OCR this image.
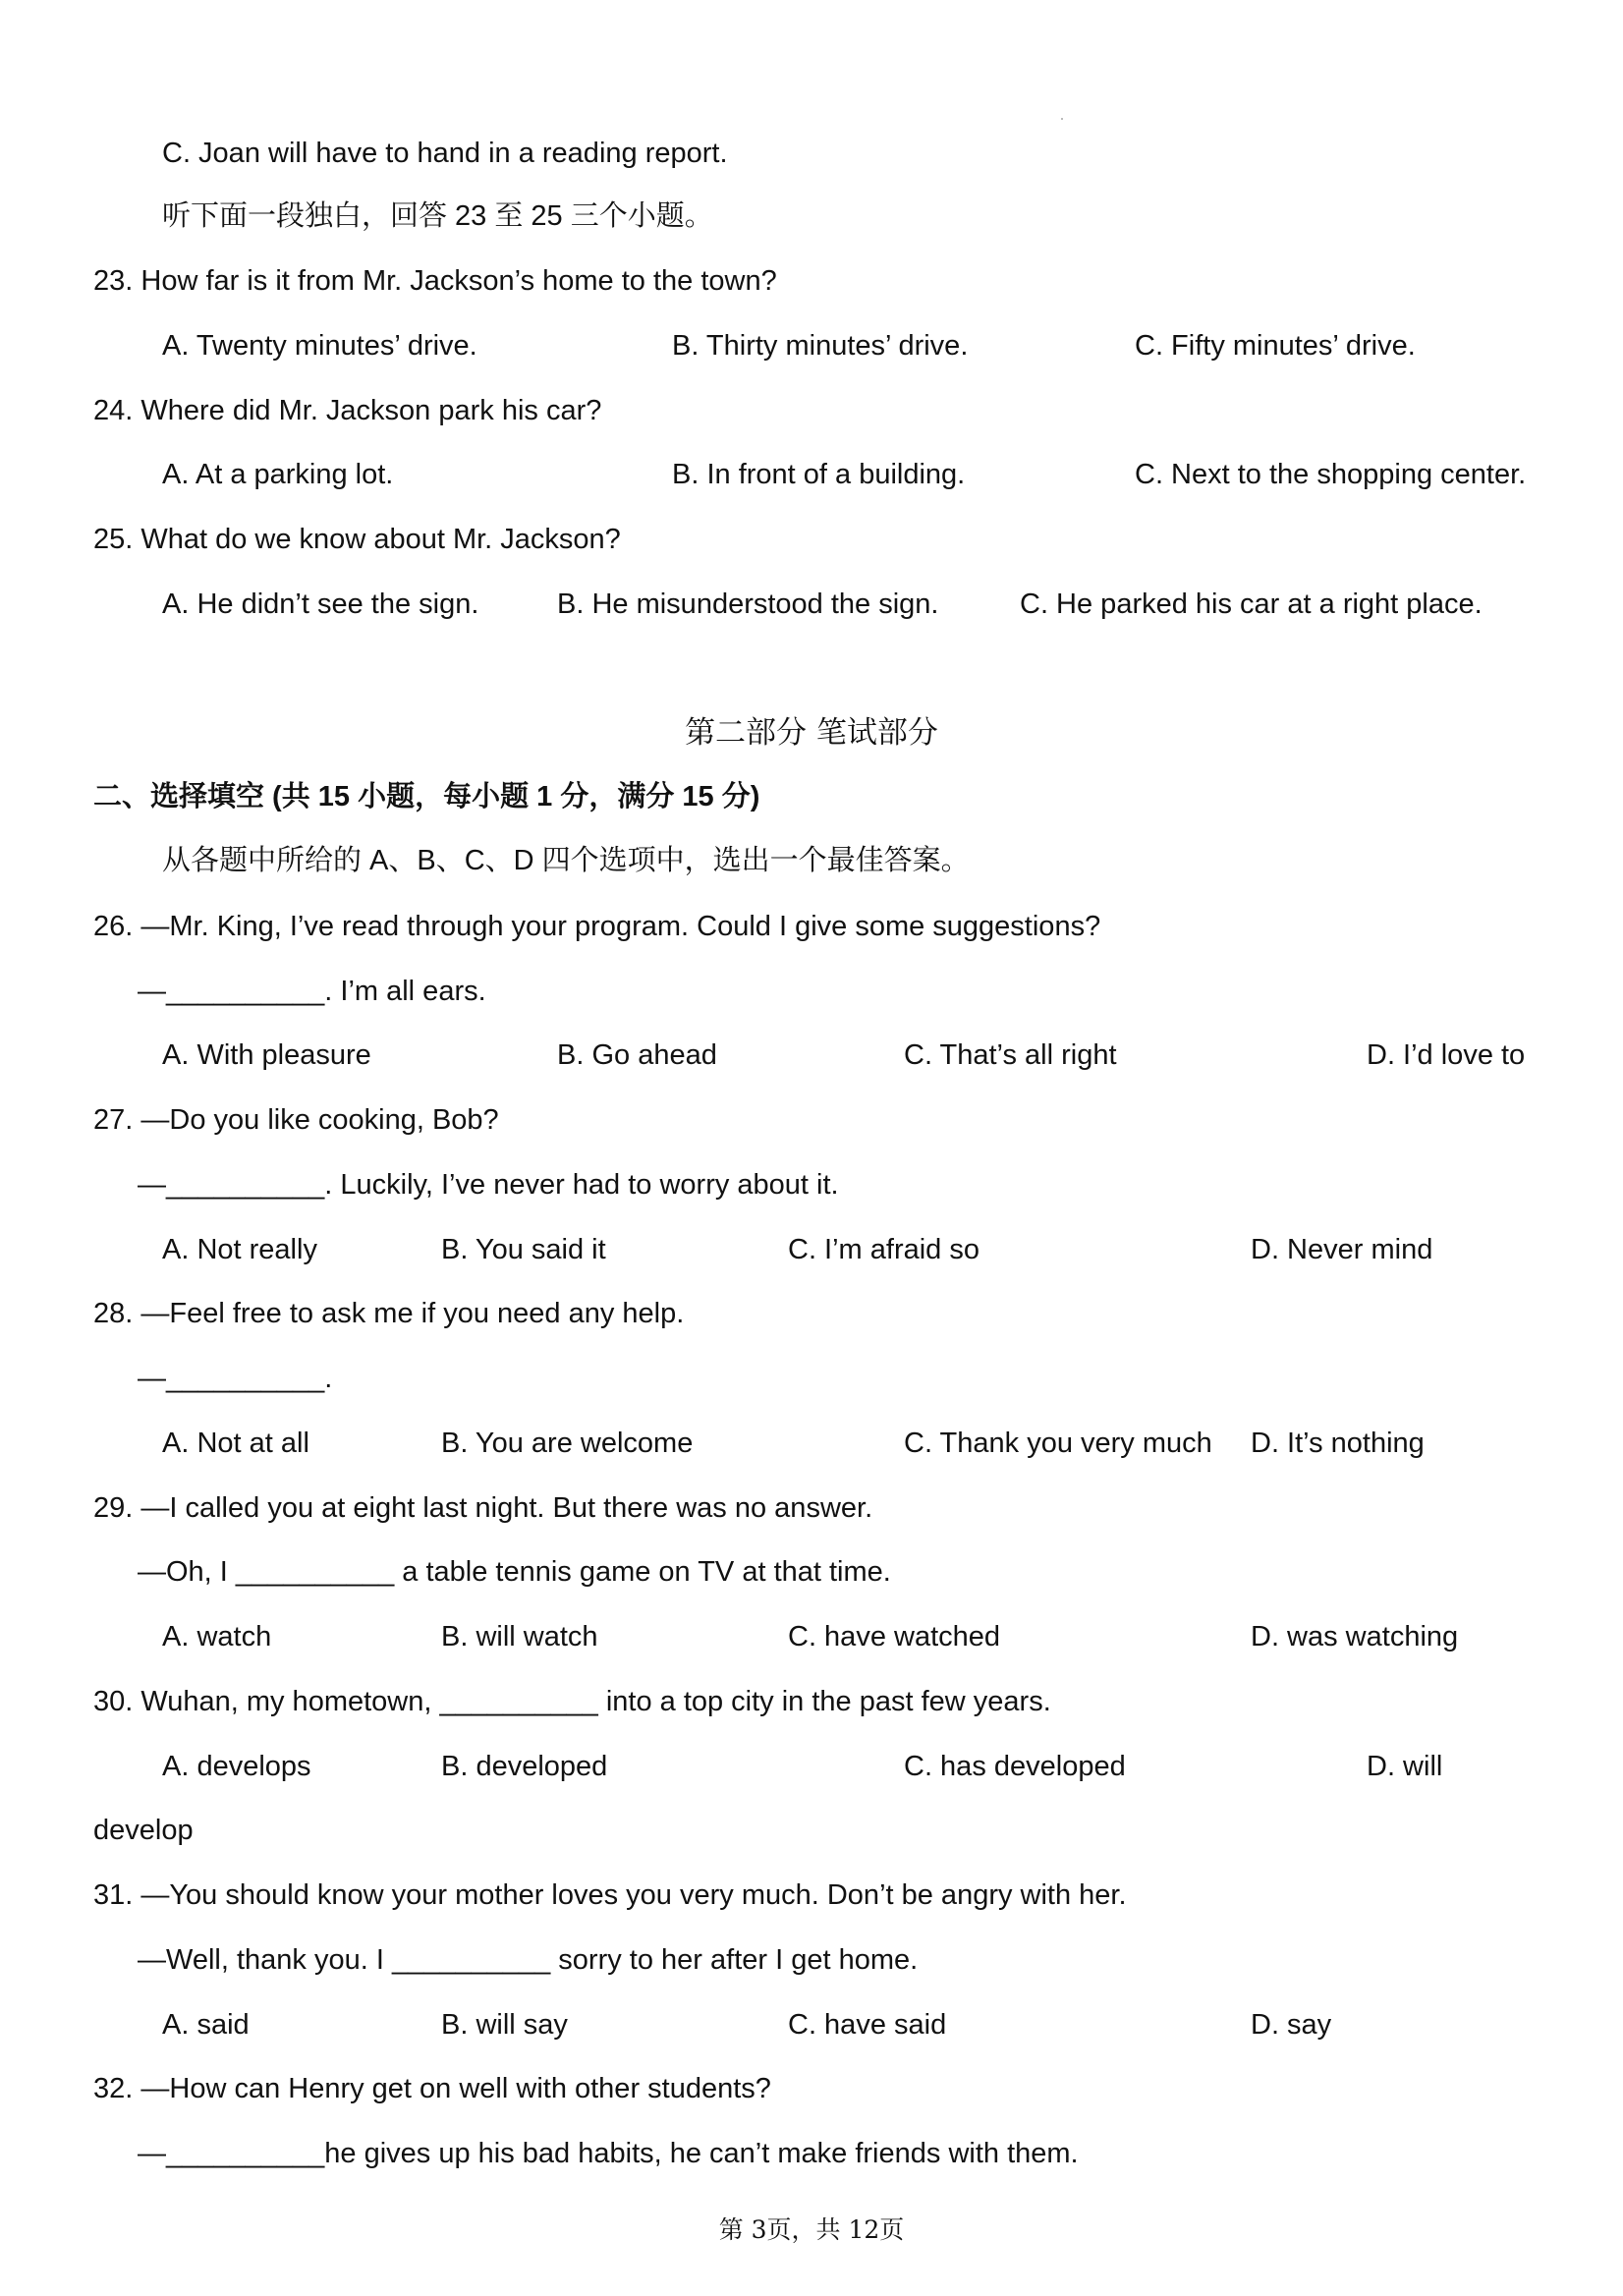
C. Joan will have to hand in a reading report.
听下面一段独白，回答 23 至 25 三个小题。
23. How far is it from Mr. Jackson’s home to the town?
A. Twenty minutes’ drive.	B. Thirty minutes’ drive.	C. Fifty minutes’ drive.
24. Where did Mr. Jackson park his car?
A. At a parking lot.	B. In front of a building.	C. Next to the shopping center.
25. What do we know about Mr. Jackson?
A. He didn’t see the sign.	B. He misunderstood the sign.	C. He parked his car at a right place.
第二部分 笔试部分
二、选择填空 (共 15 小题，每小题 1 分，满分 15 分)
从各题中所给的 A、B、C、D 四个选项中，选出一个最佳答案。
26. —Mr. King, I’ve read through your program. Could I give some suggestions?
—__________. I’m all ears.
A. With pleasure	B. Go ahead	C. That’s all right	D. I’d love to
27. —Do you like cooking, Bob?
—__________. Luckily, I’ve never had to worry about it.
A. Not really	B. You said it	C. I’m afraid so	D. Never mind
28. —Feel free to ask me if you need any help.
—__________.
A. Not at all	B. You are welcome	C. Thank you very much D. It’s nothing
29. —I called you at eight last night. But there was no answer.
—Oh, I __________ a table tennis game on TV at that time.
A. watch	B. will watch	C. have watched	D. was watching
30. Wuhan, my hometown, __________ into a top city in the past few years.
A. develops	B. developed	C. has developed	D. will
develop
31. —You should know your mother loves you very much. Don’t be angry with her.
—Well, thank you. I __________ sorry to her after I get home.
A. said	B. will say	C. have said	D. say
32. —How can Henry get on well with other students?
—__________he gives up his bad habits, he can’t make friends with them.
第 3页，共 12页
